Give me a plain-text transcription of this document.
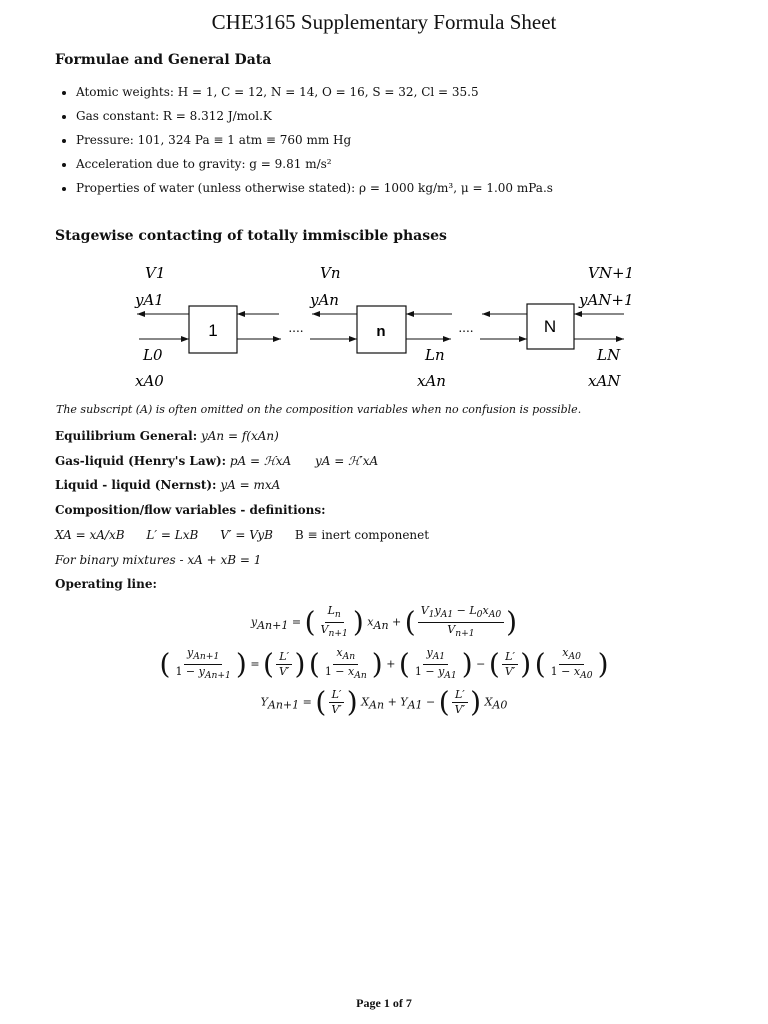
CHE3165 Supplementary Formula Sheet
Formulae and General Data
• Atomic weights: H = 1, C = 12, N = 14, O = 16, S = 32, Cl = 35.5
• Gas constant: R = 8.312 J/mol.K
• Pressure: 101, 324 Pa ≡ 1 atm ≡ 760 mm Hg
• Acceleration due to gravity: g = 9.81 m/s²
• Properties of water (unless otherwise stated): ρ = 1000 kg/m³, μ = 1.00 mPa.s
Stagewise contacting of totally immiscible phases
1	n	N
....	....
V1
yA1
L0
xA0
Vn
yAn
Ln
xAn
VN+1
yAN+1
LN
xAN
The subscript (A) is often omitted on the composition variables when no confusion is possible.
Equilibrium General: yAn = f(xAn)
Gas-liquid (Henry's Law): pA = ℋxA yA = ℋ′xA
Liquid - liquid (Nernst): yA = mxA
Composition/flow variables - definitions:
XA = xA/xB L′ = LxB V′ = VyB B ≡ inert componenet
For binary mixtures - xA + xB = 1
Operating line:
$y_{An+1}$ = ( $\frac{L_n}{V_{n+1}}$ ) $x_{An}$ + ( $\frac{V_1y_{A1} - L_0x_{A0}}{V_{n+1}}$ )
( $\frac{y_{An+1}}{1 - y_{An+1}}$ ) = ( $\frac{L'}{V'}$ ) ( $\frac{x_{An}}{1 - x_{An}}$ ) + ( $\frac{y_{A1}}{1 - y_{A1}}$ ) − ( $\frac{L'}{V'}$ ) ( $\frac{x_{A0}}{1 - x_{A0}}$ )
$Y_{An+1}$ = ( $\frac{L'}{V'}$ ) $X_{An} + Y_{A1}$ − ( $\frac{L'}{V'}$ ) $X_{A0}$
Page 1 of 7
